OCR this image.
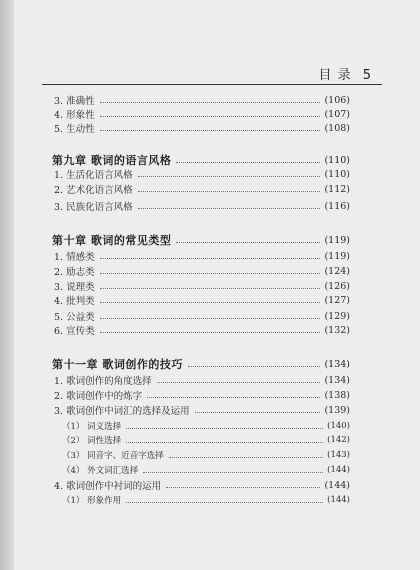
目 录 5
3. 准确性	(106)
4. 形象性	(107)
5. 生动性	(108)
第九章 歌词的语言风格	(110)
1. 生活化语言风格	(110)
2. 艺术化语言风格	(112)
3. 民族化语言风格	(116)
第十章 歌词的常见类型	(119)
1. 情感类	(119)
2. 励志类	(124)
3. 说理类	(126)
4. 批判类	(127)
5. 公益类	(129)
6. 宣传类	(132)
第十一章 歌词创作的技巧	(134)
1. 歌词创作的角度选择	(134)
2. 歌词创作中的炼字	(138)
3. 歌词创作中词汇的选择及运用	(139)
（1） 词义选择	(140)
（2） 词性选择	(142)
（3） 同音字、近音字选择	(143)
（4） 外文词汇选择	(144)
4. 歌词创作中衬词的运用	(144)
（1） 形象作用	(144)
